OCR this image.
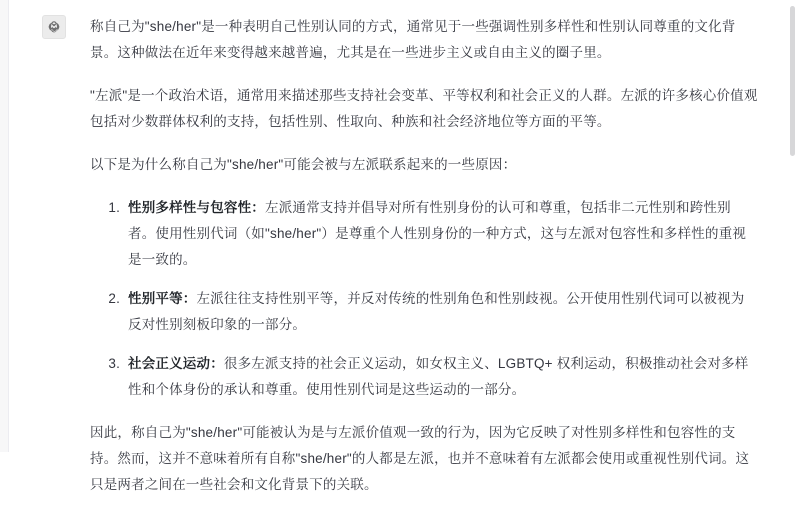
称自己为"she/her"是一种表明自己性别认同的方式，通常见于一些强调性别多样性和性别认同尊重的文化背景。这种做法在近年来变得越来越普遍，尤其是在一些进步主义或自由主义的圈子里。

"左派"是一个政治术语，通常用来描述那些支持社会变革、平等权利和社会正义的人群。左派的许多核心价值观包括对少数群体权利的支持，包括性别、性取向、种族和社会经济地位等方面的平等。

以下是为什么称自己为"she/her"可能会被与左派联系起来的一些原因：

1. 性别多样性与包容性：左派通常支持并倡导对所有性别身份的认可和尊重，包括非二元性别和跨性别者。使用性别代词（如"she/her"）是尊重个人性别身份的一种方式，这与左派对包容性和多样性的重视是一致的。
2. 性别平等：左派往往支持性别平等，并反对传统的性别角色和性别歧视。公开使用性别代词可以被视为反对性别刻板印象的一部分。
3. 社会正义运动：很多左派支持的社会正义运动，如女权主义、LGBTQ+ 权利运动，积极推动社会对多样性和个体身份的承认和尊重。使用性别代词是这些运动的一部分。

因此，称自己为"she/her"可能被认为是与左派价值观一致的行为，因为它反映了对性别多样性和包容性的支持。然而，这并不意味着所有自称"she/her"的人都是左派，也并不意味着有左派都会使用或重视性别代词。这只是两者之间在一些社会和文化背景下的关联。
